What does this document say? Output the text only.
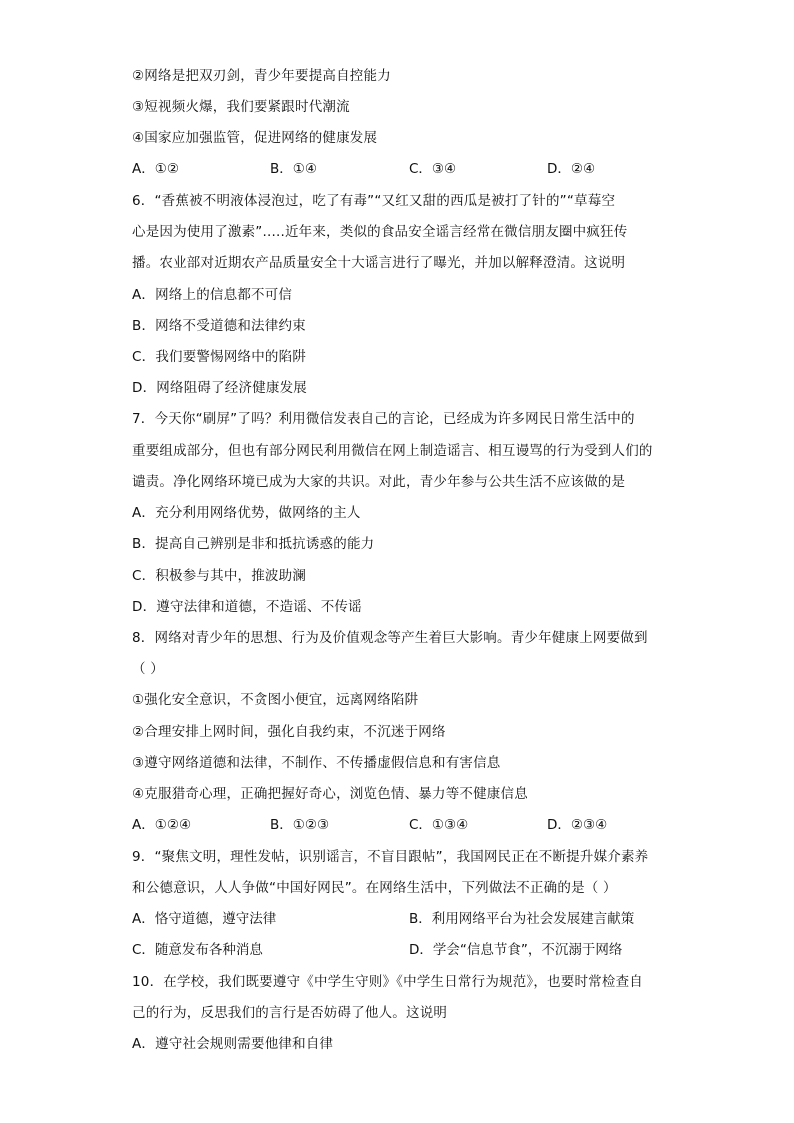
②网络是把双刃剑，青少年要提高自控能力
③短视频火爆，我们要紧跟时代潮流
④国家应加强监管，促进网络的健康发展
A．①②	B．①④	C．③④	D．②④
6．“香蕉被不明液体浸泡过，吃了有毒”“又红又甜的西瓜是被打了针的”“草莓空
心是因为使用了激素”.....近年来，类似的食品安全谣言经常在微信朋友圈中疯狂传
播。农业部对近期农产品质量安全十大谣言进行了曝光，并加以解释澄清。这说明
A．网络上的信息都不可信
B．网络不受道德和法律约束
C．我们要警惕网络中的陷阱
D．网络阻碍了经济健康发展
7．今天你“刷屏”了吗？利用微信发表自己的言论，已经成为许多网民日常生活中的
重要组成部分，但也有部分网民利用微信在网上制造谣言、相互谩骂的行为受到人们的
谴责。净化网络环境已成为大家的共识。对此，青少年参与公共生活不应该做的是
A．充分利用网络优势，做网络的主人
B．提高自己辨别是非和抵抗诱惑的能力
C．积极参与其中，推波助澜
D．遵守法律和道德，不造谣、不传谣
8．网络对青少年的思想、行为及价值观念等产生着巨大影响。青少年健康上网要做到
（ ）
①强化安全意识，不贪图小便宜，远离网络陷阱
②合理安排上网时间，强化自我约束，不沉迷于网络
③遵守网络道德和法律，不制作、不传播虚假信息和有害信息
④克服猎奇心理，正确把握好奇心，浏览色情、暴力等不健康信息
A．①②④	B．①②③	C．①③④	D．②③④
9．“聚焦文明，理性发帖，识别谣言，不盲目跟帖”，我国网民正在不断提升媒介素养
和公德意识，人人争做“中国好网民”。在网络生活中，下列做法不正确的是（ ）
A．恪守道德，遵守法律	B．利用网络平台为社会发展建言献策
C．随意发布各种消息	D．学会“信息节食”，不沉溺于网络
10．在学校，我们既要遵守《中学生守则》《中学生日常行为规范》，也要时常检查自
己的行为，反思我们的言行是否妨碍了他人。这说明
A．遵守社会规则需要他律和自律
